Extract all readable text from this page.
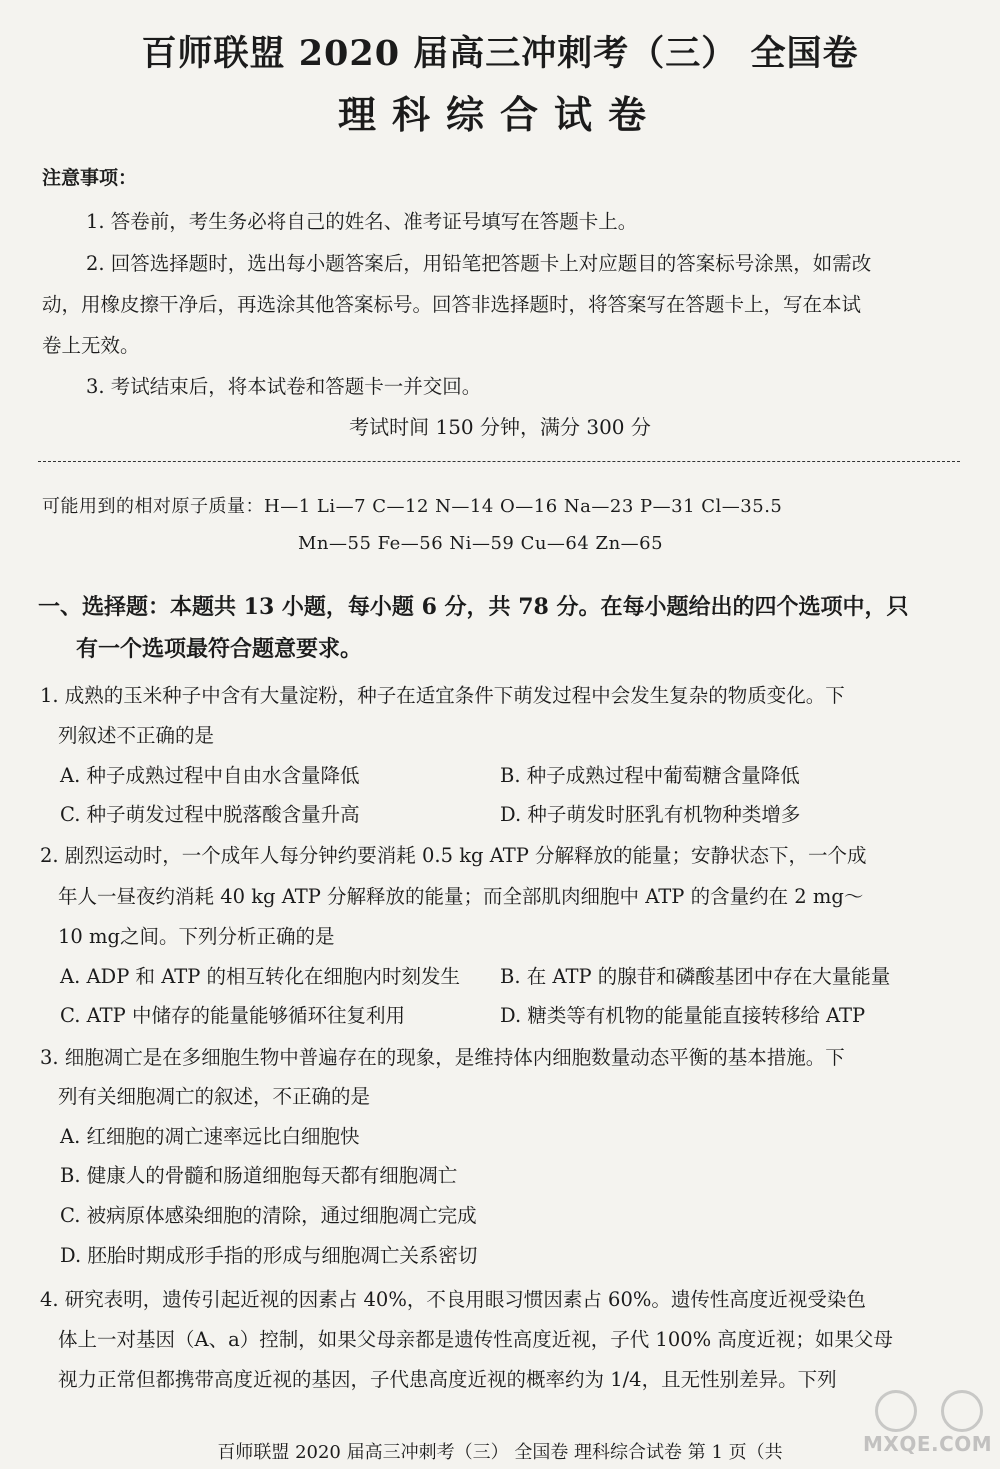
百师联盟 2020 届高三冲刺考（三） 全国卷
理科综合试卷
注意事项：
1. 答卷前，考生务必将自己的姓名、准考证号填写在答题卡上。
2. 回答选择题时，选出每小题答案后，用铅笔把答题卡上对应题目的答案标号涂黑，如需改
动，用橡皮擦干净后，再选涂其他答案标号。回答非选择题时，将答案写在答题卡上，写在本试
卷上无效。
3. 考试结束后，将本试卷和答题卡一并交回。
考试时间 150 分钟，满分 300 分
可能用到的相对原子质量：H—1 Li—7 C—12 N—14 O—16 Na—23 P—31 Cl—35.5
Mn—55 Fe—56 Ni—59 Cu—64 Zn—65
一、选择题：本题共 13 小题，每小题 6 分，共 78 分。在每小题给出的四个选项中，只
有一个选项最符合题意要求。
1. 成熟的玉米种子中含有大量淀粉，种子在适宜条件下萌发过程中会发生复杂的物质变化。下
列叙述不正确的是
A. 种子成熟过程中自由水含量降低	B. 种子成熟过程中葡萄糖含量降低
C. 种子萌发过程中脱落酸含量升高	D. 种子萌发时胚乳有机物种类增多
2. 剧烈运动时，一个成年人每分钟约要消耗 0.5 kg ATP 分解释放的能量；安静状态下，一个成
年人一昼夜约消耗 40 kg ATP 分解释放的能量；而全部肌肉细胞中 ATP 的含量约在 2 mg～
10 mg之间。下列分析正确的是
A. ADP 和 ATP 的相互转化在细胞内时刻发生 B. 在 ATP 的腺苷和磷酸基团中存在大量能量
C. ATP 中储存的能量能够循环往复利用	D. 糖类等有机物的能量能直接转移给 ATP
3. 细胞凋亡是在多细胞生物中普遍存在的现象，是维持体内细胞数量动态平衡的基本措施。下
列有关细胞凋亡的叙述，不正确的是
A. 红细胞的凋亡速率远比白细胞快
B. 健康人的骨髓和肠道细胞每天都有细胞凋亡
C. 被病原体感染细胞的清除，通过细胞凋亡完成
D. 胚胎时期成形手指的形成与细胞凋亡关系密切
4. 研究表明，遗传引起近视的因素占 40%，不良用眼习惯因素占 60%。遗传性高度近视受染色
体上一对基因（A、a）控制，如果父母亲都是遗传性高度近视，子代 100% 高度近视；如果父母
视力正常但都携带高度近视的基因，子代患高度近视的概率约为 1/4，且无性别差异。下列
百师联盟 2020 届高三冲刺考（三） 全国卷 理科综合试卷 第 1 页（共	MXQE.COM
